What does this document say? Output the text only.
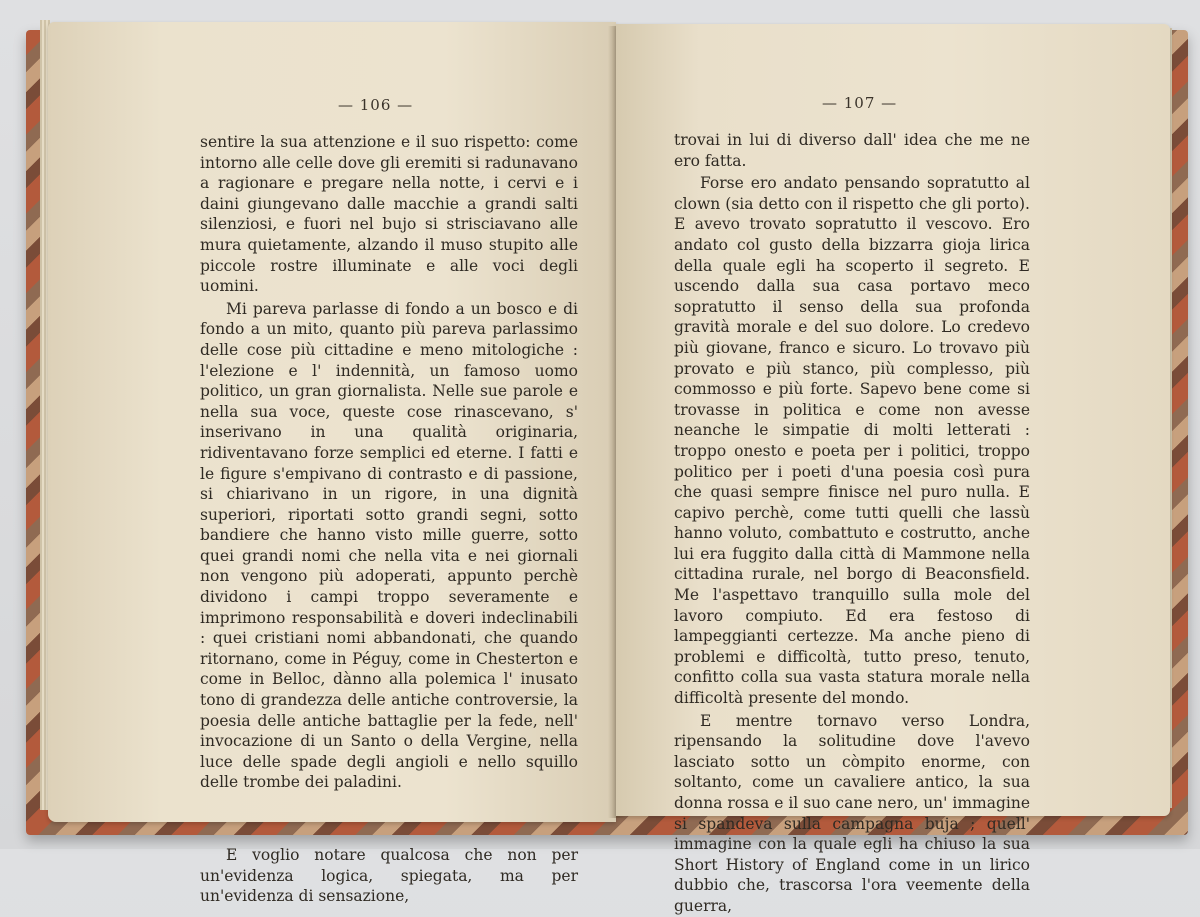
— 106 —

sentire la sua attenzione e il suo rispetto: come intorno alle celle dove gli eremiti si radunavano a ragionare e pregare nella notte, i cervi e i daini giungevano dalle macchie a grandi salti silenziosi, e fuori nel bujo si strisciavano alle mura quietamente, alzando il muso stupito alle piccole rostre illuminate e alle voci degli uomini.

Mi pareva parlasse di fondo a un bosco e di fondo a un mito, quanto più pareva parlassimo delle cose più cittadine e meno mitologiche : l'elezione e l' indennità, un famoso uomo politico, un gran giornalista. Nelle sue parole e nella sua voce, queste cose rinascevano, s' inserivano in una qualità originaria, ridiventavano forze semplici ed eterne. I fatti e le figure s'empivano di contrasto e di passione, si chiarivano in un rigore, in una dignità superiori, riportati sotto grandi segni, sotto bandiere che hanno visto mille guerre, sotto quei grandi nomi che nella vita e nei giornali non vengono più adoperati, appunto perchè dividono i campi troppo severamente e imprimono responsabilità e doveri indeclinabili : quei cristiani nomi abbandonati, che quando ritornano, come in Péguy, come in Chesterton e come in Belloc, dànno alla polemica l' inusato tono di grandezza delle antiche controversie, la poesia delle antiche battaglie per la fede, nell' invocazione di un Santo o della Vergine, nella luce delle spade degli angioli e nello squillo delle trombe dei paladini.

E voglio notare qualcosa che non per un'evidenza logica, spiegata, ma per un'evidenza di sensazione,

— 107 —

trovai in lui di diverso dall' idea che me ne ero fatta.

Forse ero andato pensando sopratutto al clown (sia detto con il rispetto che gli porto). E avevo trovato sopratutto il vescovo. Ero andato col gusto della bizzarra gioja lirica della quale egli ha scoperto il segreto. E uscendo dalla sua casa portavo meco sopratutto il senso della sua profonda gravità morale e del suo dolore. Lo credevo più giovane, franco e sicuro. Lo trovavo più provato e più stanco, più complesso, più commosso e più forte. Sapevo bene come si trovasse in politica e come non avesse neanche le simpatie di molti letterati : troppo onesto e poeta per i politici, troppo politico per i poeti d'una poesia così pura che quasi sempre finisce nel puro nulla. E capivo perchè, come tutti quelli che lassù hanno voluto, combattuto e costrutto, anche lui era fuggito dalla città di Mammone nella cittadina rurale, nel borgo di Beaconsfield. Me l'aspettavo tranquillo sulla mole del lavoro compiuto. Ed era festoso di lampeggianti certezze. Ma anche pieno di problemi e difficoltà, tutto preso, tenuto, confitto colla sua vasta statura morale nella difficoltà presente del mondo.

E mentre tornavo verso Londra, ripensando la solitudine dove l'avevo lasciato sotto un còmpito enorme, con soltanto, come un cavaliere antico, la sua donna rossa e il suo cane nero, un' immagine si spandeva sulla campagna buja ; quell' immagine con la quale egli ha chiuso la sua Short History of England come in un lirico dubbio che, trascorsa l'ora veemente della guerra,
